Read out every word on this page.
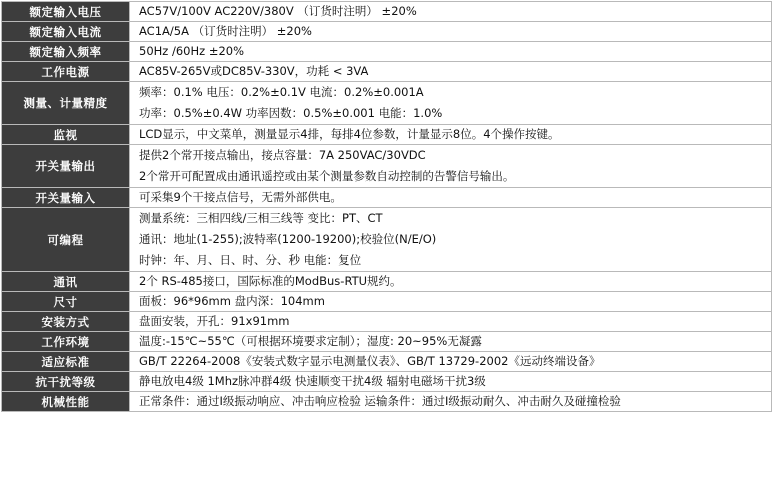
额定输入电压	AC57V/100V AC220V/380V （订货时注明） ±20%

额定输入电流	AC1A/5A （订货时注明） ±20%

额定输入频率	50Hz /60Hz ±20%

工作电源	AC85V-265V或DC85V-330V，功耗 < 3VA

测量、计量精度	频率：0.1% 电压：0.2%±0.1V 电流：0.2%±0.001A
功率：0.5%±0.4W 功率因数：0.5%±0.001 电能：1.0%

监视	LCD显示，中文菜单，测量显示4排，每排4位参数，计量显示8位。4个操作按键。

开关量输出	提供2个常开接点输出，接点容量：7A 250VAC/30VDC
2个常开可配置成由通讯遥控或由某个测量参数自动控制的告警信号输出。

开关量输入	可采集9个干接点信号，无需外部供电。

可编程	测量系统：三相四线/三相三线等 变比：PT、CT
通讯：地址(1-255);波特率(1200-19200);校验位(N/E/O)
时钟：年、月、日、时、分、秒 电能：复位

通讯	2个 RS-485接口，国际标准的ModBus-RTU规约。

尺寸	面板：96*96mm 盘内深：104mm

安装方式	盘面安装，开孔：91x91mm

工作环境	温度:-15℃~55℃（可根据环境要求定制）；湿度: 20~95%无凝露

适应标准	GB/T 22264-2008《安装式数字显示电测量仪表》、GB/T 13729-2002《远动终端设备》

抗干扰等级	静电放电4级 1Mhz脉冲群4级 快速顺变干扰4级 辐射电磁场干扰3级

机械性能	正常条件：通过I级振动响应、冲击响应检验 运输条件：通过I级振动耐久、冲击耐久及碰撞检验
